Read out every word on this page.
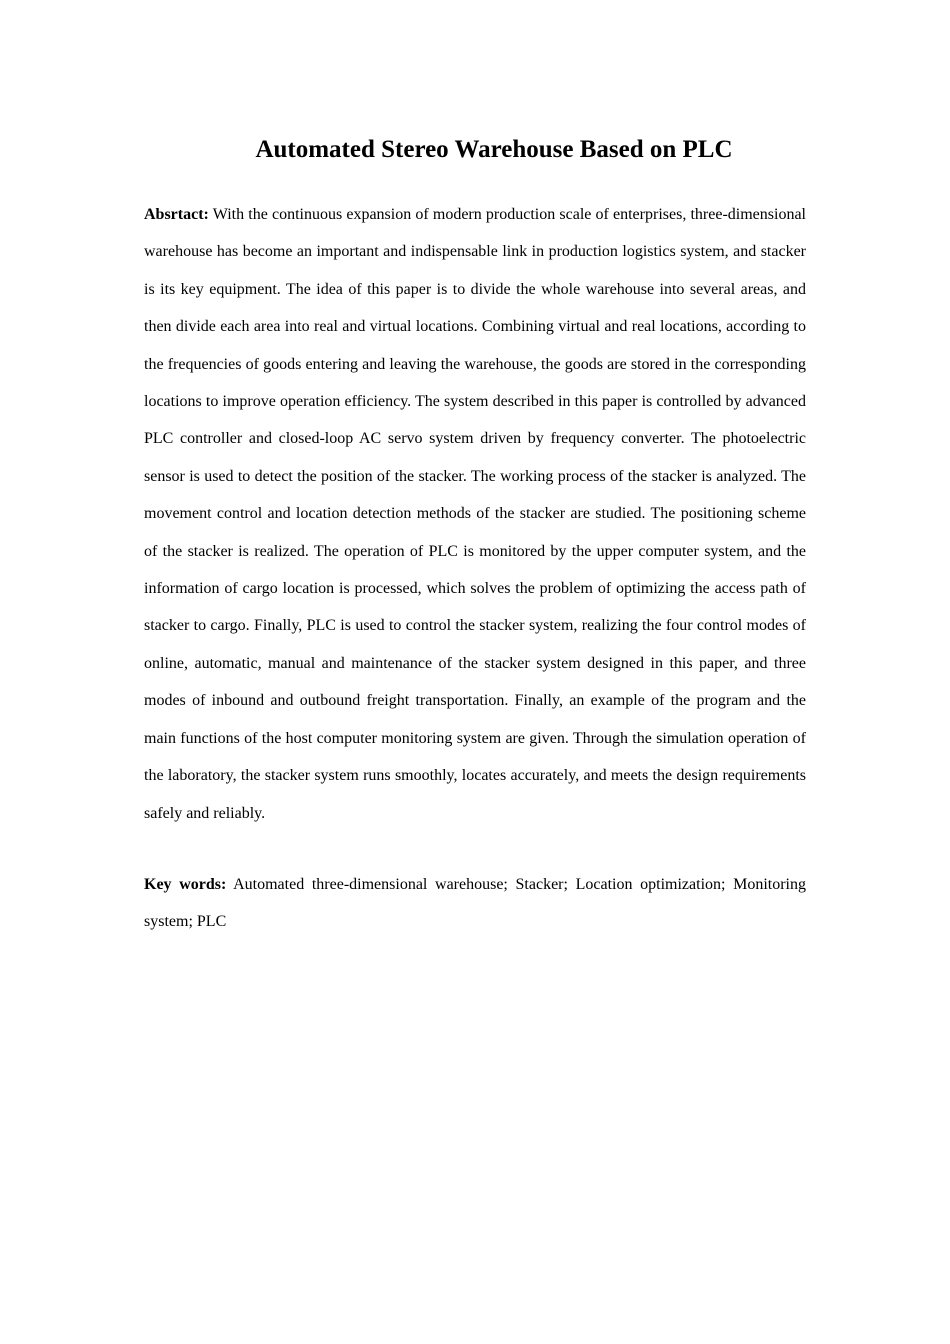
Automated Stereo Warehouse Based on PLC

Absrtact: With the continuous expansion of modern production scale of enterprises, three-dimensional warehouse has become an important and indispensable link in production logistics system, and stacker is its key equipment. The idea of this paper is to divide the whole warehouse into several areas, and then divide each area into real and virtual locations. Combining virtual and real locations, according to the frequencies of goods entering and leaving the warehouse, the goods are stored in the corresponding locations to improve operation efficiency. The system described in this paper is controlled by advanced PLC controller and closed-loop AC servo system driven by frequency converter. The photoelectric sensor is used to detect the position of the stacker. The working process of the stacker is analyzed. The movement control and location detection methods of the stacker are studied. The positioning scheme of the stacker is realized. The operation of PLC is monitored by the upper computer system, and the information of cargo location is processed, which solves the problem of optimizing the access path of stacker to cargo. Finally, PLC is used to control the stacker system, realizing the four control modes of online, automatic, manual and maintenance of the stacker system designed in this paper, and three modes of inbound and outbound freight transportation. Finally, an example of the program and the main functions of the host computer monitoring system are given. Through the simulation operation of the laboratory, the stacker system runs smoothly, locates accurately, and meets the design requirements safely and reliably.

Key words: Automated three-dimensional warehouse; Stacker; Location optimization; Monitoring system; PLC
